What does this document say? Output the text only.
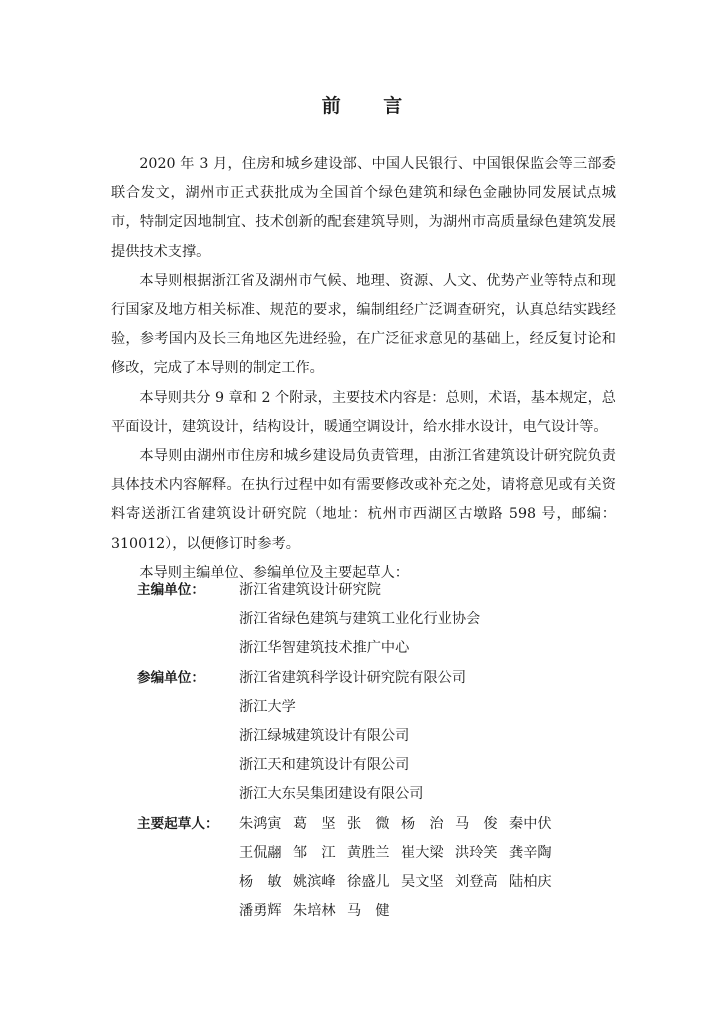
前 言

2020 年 3 月，住房和城乡建设部、中国人民银行、中国银保监会等三部委联合发文，湖州市正式获批成为全国首个绿色建筑和绿色金融协同发展试点城市，特制定因地制宜、技术创新的配套建筑导则，为湖州市高质量绿色建筑发展提供技术支撑。

本导则根据浙江省及湖州市气候、地理、资源、人文、优势产业等特点和现行国家及地方相关标准、规范的要求，编制组经广泛调查研究，认真总结实践经验，参考国内及长三角地区先进经验，在广泛征求意见的基础上，经反复讨论和修改，完成了本导则的制定工作。

本导则共分 9 章和 2 个附录，主要技术内容是：总则，术语，基本规定，总平面设计，建筑设计，结构设计，暖通空调设计，给水排水设计，电气设计等。

本导则由湖州市住房和城乡建设局负责管理，由浙江省建筑设计研究院负责具体技术内容解释。在执行过程中如有需要修改或补充之处，请将意见或有关资料寄送浙江省建筑设计研究院（地址：杭州市西湖区古墩路 598 号，邮编：310012），以便修订时参考。

本导则主编单位、参编单位及主要起草人：

主编单位：	浙江省建筑设计研究院
浙江省绿色建筑与建筑工业化行业协会
浙江华智建筑技术推广中心
参编单位：	浙江省建筑科学设计研究院有限公司
浙江大学
浙江绿城建筑设计有限公司
浙江天和建筑设计有限公司
浙江大东吴集团建设有限公司
主要起草人：	朱鸿寅 葛　坚 张　微 杨　治 马　俊 秦中伏
王侃翮 邹　江 黄胜兰 崔大梁 洪玲笑 龚辛陶
杨　敏 姚滨峰 徐盛儿 吴文坚 刘登高 陆柏庆
潘勇辉 朱培林 马　健
